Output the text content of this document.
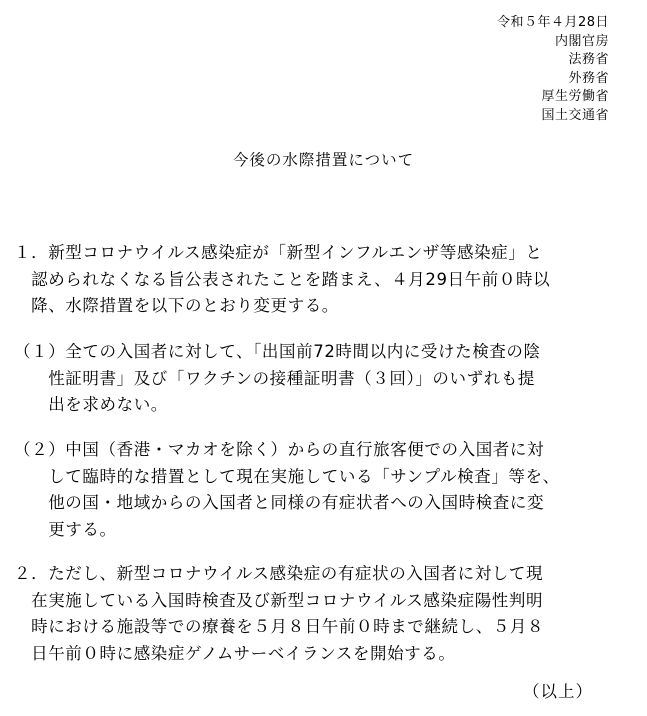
令和５年４月28日
内閣官房
法務省
外務省
厚生労働省
国土交通省
今後の水際措置について
１．新型コロナウイルス感染症が「新型インフルエンザ等感染症」と
　認められなくなる旨公表されたことを踏まえ、４月29日午前０時以
　降、水際措置を以下のとおり変更する。
（１）全ての入国者に対して、「出国前72時間以内に受けた検査の陰
　　性証明書」及び「ワクチンの接種証明書（３回）」のいずれも提
　　出を求めない。
（２）中国（香港・マカオを除く）からの直行旅客便での入国者に対
　　して臨時的な措置として現在実施している「サンプル検査」等を、
　　他の国・地域からの入国者と同様の有症状者への入国時検査に変
　　更する。
２．ただし、新型コロナウイルス感染症の有症状の入国者に対して現
　在実施している入国時検査及び新型コロナウイルス感染症陽性判明
　時における施設等での療養を５月８日午前０時まで継続し、５月８
　日午前０時に感染症ゲノムサーベイランスを開始する。
（以上）
